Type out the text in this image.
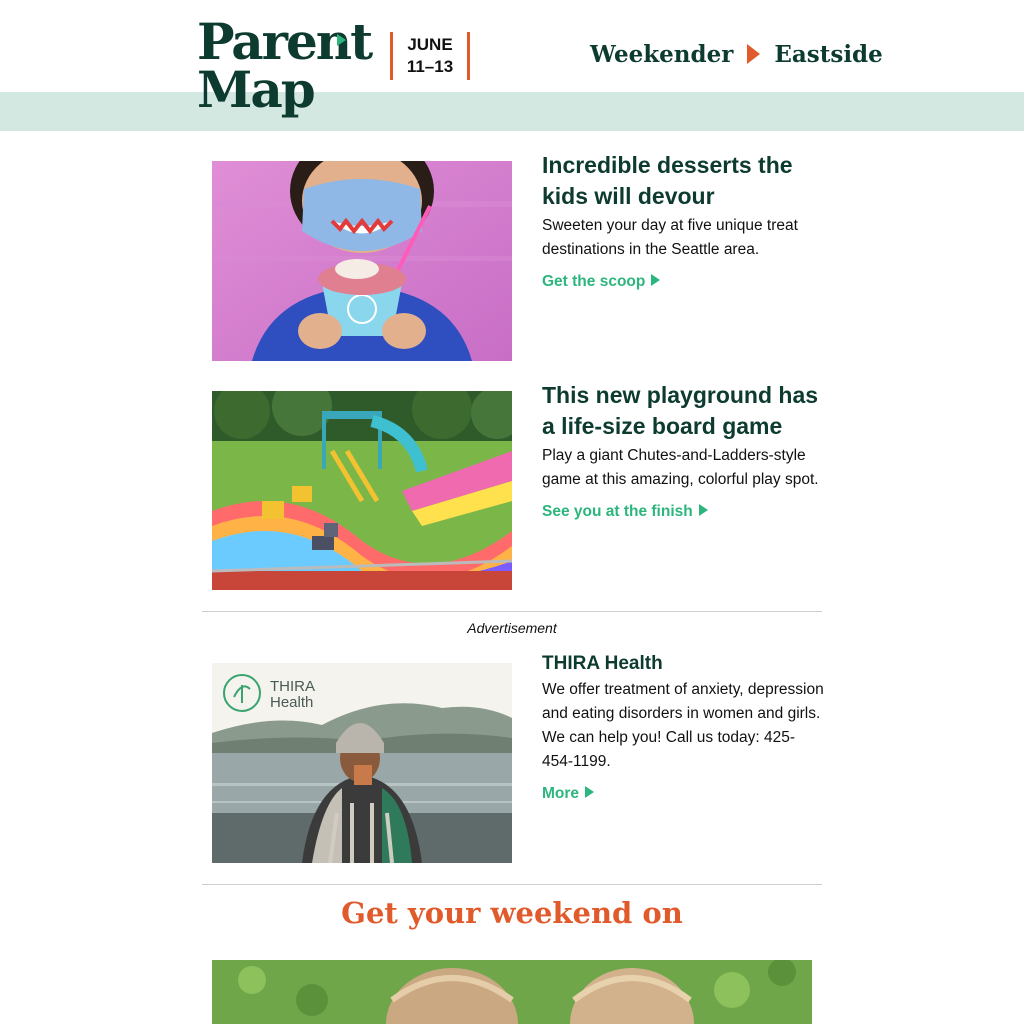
Parent
Map
JUNE
11–13	Weekender Eastside
Incredible desserts the kids will devour
Sweeten your day at five unique treat destinations in the Seattle area.
Get the scoop
This new playground has a life-size board game
Play a giant Chutes-and-Ladders-style game at this amazing, colorful play spot.
See you at the finish
Advertisement
THIRA
Health
THIRA Health
We offer treatment of anxiety, depression and eating disorders in women and girls. We can help you! Call us today: 425-454-1199.
More
Get your weekend on
